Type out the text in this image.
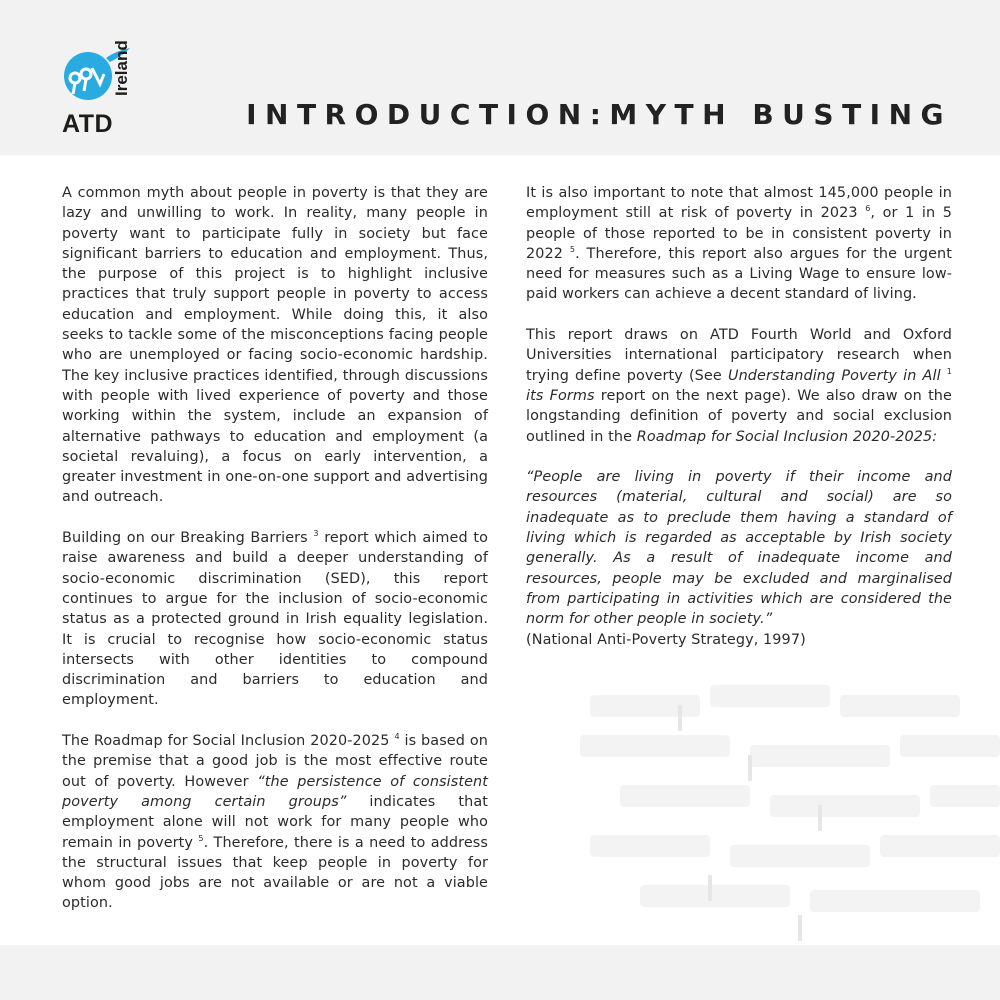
ATD
Ireland
INTRODUCTION:MYTH BUSTING

A common myth about people in poverty is that they are lazy and unwilling to work. In reality, many people in poverty want to participate fully in society but face significant barriers to education and employment. Thus, the purpose of this project is to highlight inclusive practices that truly support people in poverty to access education and employment. While doing this, it also seeks to tackle some of the misconceptions facing people who are unemployed or facing socio-economic hardship. The key inclusive practices identified, through discussions with people with lived experience of poverty and those working within the system, include an expansion of alternative pathways to education and employment (a societal revaluing), a focus on early intervention, a greater investment in one-on-one support and advertising and outreach.

Building on our Breaking Barriers $^3$ report which aimed to raise awareness and build a deeper understanding of socio-economic discrimination (SED), this report continues to argue for the inclusion of socio-economic status as a protected ground in Irish equality legislation. It is crucial to recognise how socio-economic status intersects with other identities to compound discrimination and barriers to education and employment.

The Roadmap for Social Inclusion 2020-2025 $^4$ is based on the premise that a good job is the most effective route out of poverty. However “the persistence of consistent poverty among certain groups” indicates that employment alone will not work for many people who remain in poverty $^5$. Therefore, there is a need to address the structural issues that keep people in poverty for whom good jobs are not available or are not a viable option.

It is also important to note that almost 145,000 people in employment still at risk of poverty in 2023 $^6$, or 1 in 5 people of those reported to be in consistent poverty in 2022 $^5$. Therefore, this report also argues for the urgent need for measures such as a Living Wage to ensure low-paid workers can achieve a decent standard of living.

This report draws on ATD Fourth World and Oxford Universities international participatory research when trying define poverty (See Understanding Poverty in All $^1$ its Forms report on the next page). We also draw on the longstanding definition of poverty and social exclusion outlined in the Roadmap for Social Inclusion 2020-2025:

“People are living in poverty if their income and resources (material, cultural and social) are so inadequate as to preclude them having a standard of living which is regarded as acceptable by Irish society generally. As a result of inadequate income and resources, people may be excluded and marginalised from participating in activities which are considered the norm for other people in society.”

(National Anti-Poverty Strategy, 1997)
